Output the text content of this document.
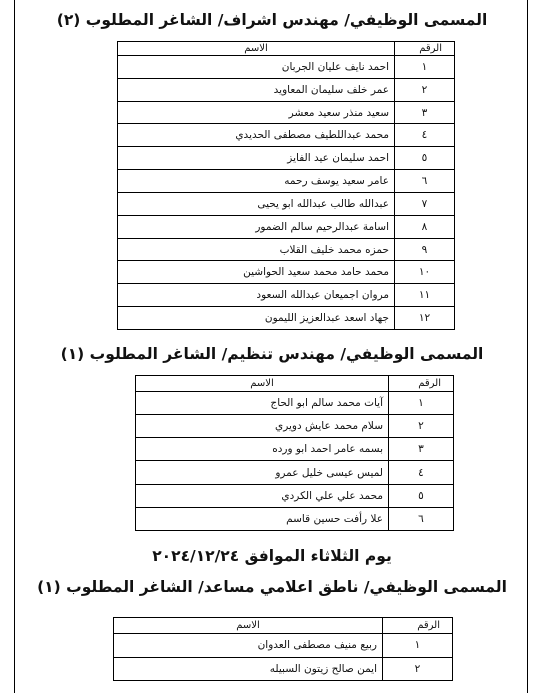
المسمى الوظيفي/ مهندس اشراف/ الشاغر المطلوب (٢)
الرقم	الاسم
١	احمد نايف عليان الجربان
٢	عمر خلف سليمان المعاويد
٣	سعيد منذر سعيد معشر
٤	محمد عبداللطيف مصطفى الحديدي
٥	احمد سليمان عيد الفايز
٦	عامر سعيد يوسف رحمه
٧	عبدالله طالب عبدالله ابو يحيى
٨	اسامة عبدالرحيم سالم الضمور
٩	حمزه محمد خليف القلاب
١٠	محمد حامد محمد سعيد الحواشين
١١	مروان اجميعان عبدالله السعود
١٢	جهاد اسعد عبدالعزيز الليمون
المسمى الوظيفي/ مهندس تنظيم/ الشاغر المطلوب (١)
الرقم	الاسم
١	آيات محمد سالم ابو الحاج
٢	سلام محمد عايش دويري
٣	بسمه عامر احمد ابو ورده
٤	لميس عيسى خليل عمرو
٥	محمد علي علي الكردي
٦	علا رأفت حسين قاسم
يوم الثلاثاء الموافق ٢٠٢٤/١٢/٢٤
المسمى الوظيفي/ ناطق اعلامي مساعد/ الشاغر المطلوب (١)
الرقم	الاسم
١	ربيع منيف مصطفى العدوان
٢	ايمن صالح زيتون السبيله
